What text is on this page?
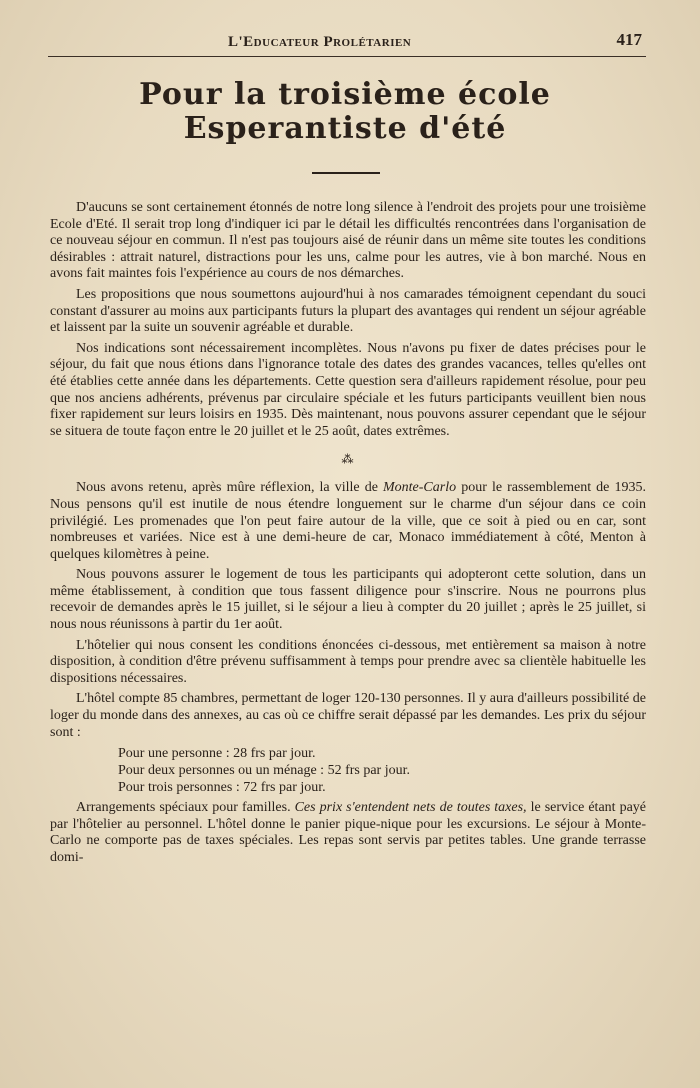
L'Educateur Prolétarien	417
Pour la troisième école
Esperantiste d'été

D'aucuns se sont certainement étonnés de notre long silence à l'endroit des projets pour une troisième Ecole d'Eté. Il serait trop long d'indiquer ici par le détail les difficultés rencontrées dans l'organisation de ce nouveau séjour en commun. Il n'est pas toujours aisé de réunir dans un même site toutes les conditions désirables : attrait naturel, distractions pour les uns, calme pour les autres, vie à bon marché. Nous en avons fait maintes fois l'expérience au cours de nos démarches.

Les propositions que nous soumettons aujourd'hui à nos camarades témoignent cependant du souci constant d'assurer au moins aux participants futurs la plupart des avantages qui rendent un séjour agréable et laissent par la suite un souvenir agréable et durable.

Nos indications sont nécessairement incomplètes. Nous n'avons pu fixer de dates précises pour le séjour, du fait que nous étions dans l'ignorance totale des dates des grandes vacances, telles qu'elles ont été établies cette année dans les départements. Cette question sera d'ailleurs rapidement résolue, pour peu que nos anciens adhérents, prévenus par circulaire spéciale et les futurs participants veuillent bien nous fixer rapidement sur leurs loisirs en 1935. Dès maintenant, nous pouvons assurer cependant que le séjour se situera de toute façon entre le 20 juillet et le 25 août, dates extrêmes.

⁂

Nous avons retenu, après mûre réflexion, la ville de Monte-Carlo pour le rassemblement de 1935. Nous pensons qu'il est inutile de nous étendre longuement sur le charme d'un séjour dans ce coin privilégié. Les promenades que l'on peut faire autour de la ville, que ce soit à pied ou en car, sont nombreuses et variées. Nice est à une demi-heure de car, Monaco immédiatement à côté, Menton à quelques kilomètres à peine.

Nous pouvons assurer le logement de tous les participants qui adopteront cette solution, dans un même établissement, à condition que tous fassent diligence pour s'inscrire. Nous ne pourrons plus recevoir de demandes après le 15 juillet, si le séjour a lieu à compter du 20 juillet ; après le 25 juillet, si nous nous réunissons à partir du 1er août.

L'hôtelier qui nous consent les conditions énoncées ci-dessous, met entièrement sa maison à notre disposition, à condition d'être prévenu suffisamment à temps pour prendre avec sa clientèle habituelle les dispositions nécessaires.

L'hôtel compte 85 chambres, permettant de loger 120-130 personnes. Il y aura d'ailleurs possibilité de loger du monde dans des annexes, au cas où ce chiffre serait dépassé par les demandes. Les prix du séjour sont :

Pour une personne : 28 frs par jour.
Pour deux personnes ou un ménage : 52 frs par jour.
Pour trois personnes : 72 frs par jour.

Arrangements spéciaux pour familles. Ces prix s'entendent nets de toutes taxes, le service étant payé par l'hôtelier au personnel. L'hôtel donne le panier pique-nique pour les excursions. Le séjour à Monte-Carlo ne comporte pas de taxes spéciales. Les repas sont servis par petites tables. Une grande terrasse domi-
